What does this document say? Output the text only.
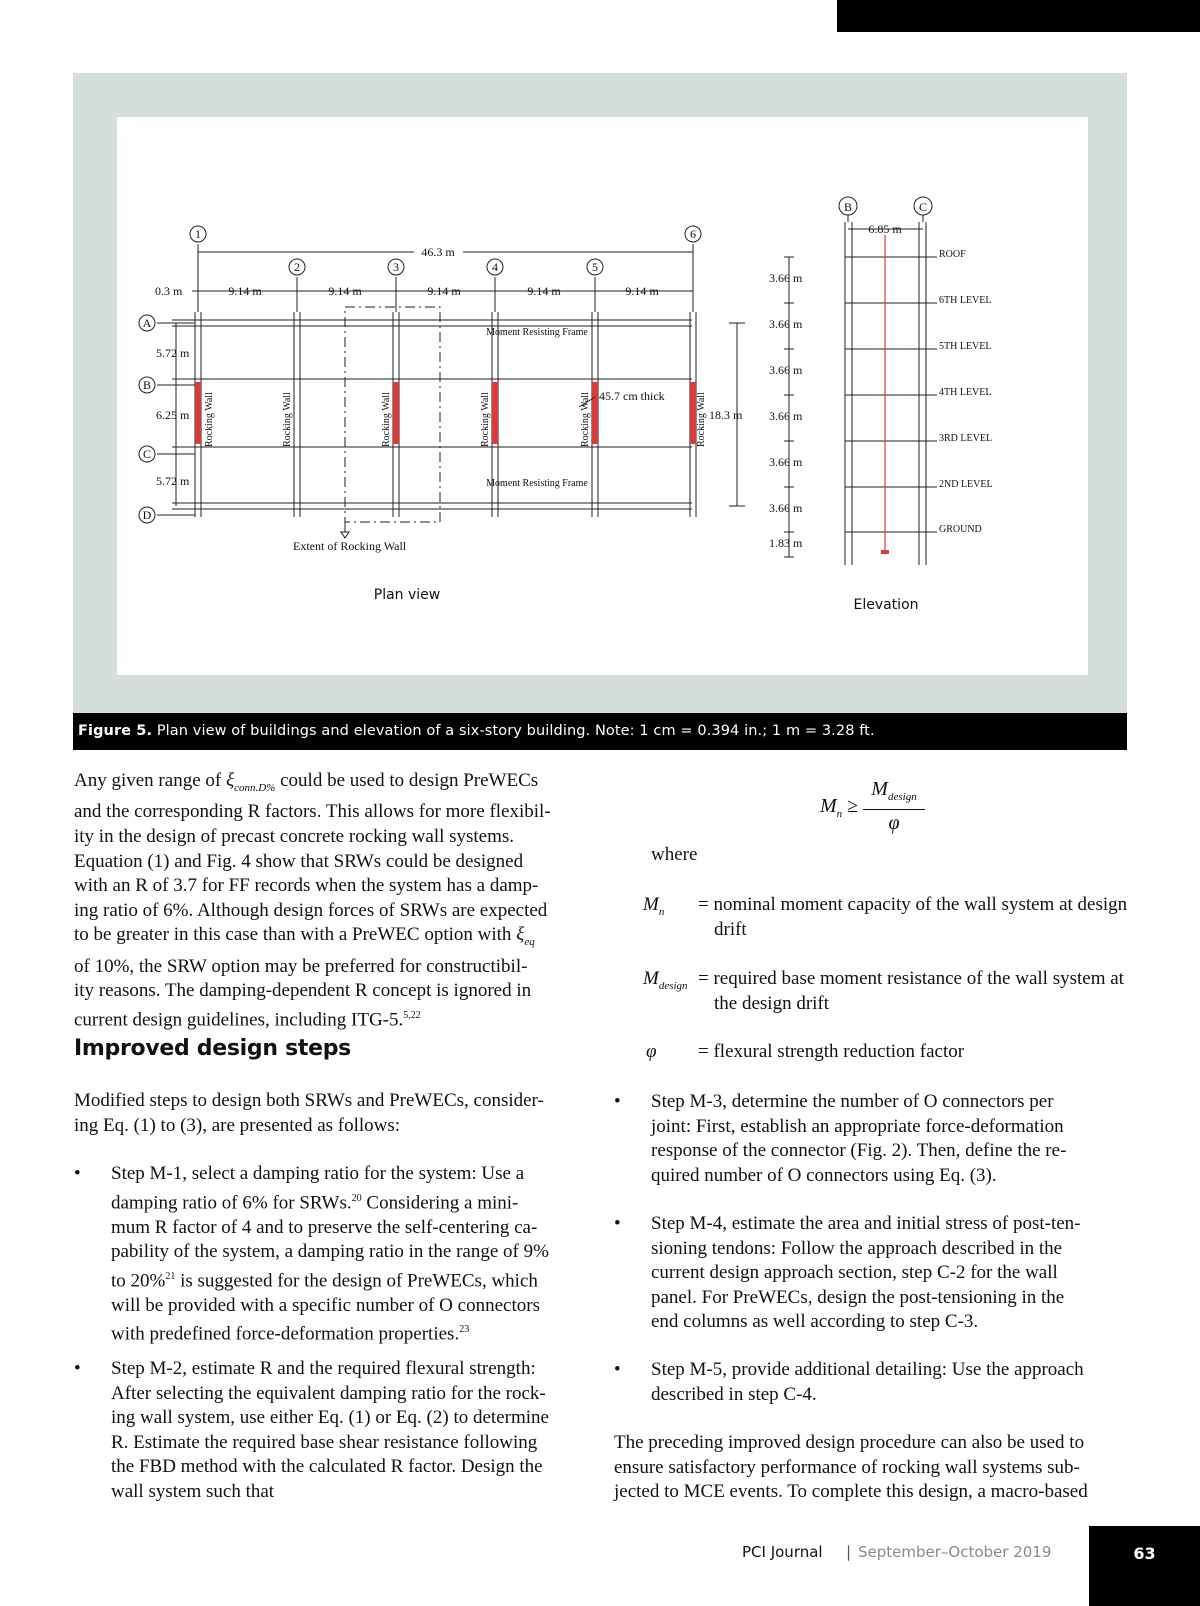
1
2	3	4	5
6
A
B
C
D
46.3 m
0.3 m	9.14 m	9.14 m	9.14 m	9.14 m	9.14 m
5.72 m
6.25 m
5.72 m
18.3 m
45.7 cm thick
Extent of Rocking Wall
Moment Resisting Frame
Moment Resisting Frame
Rocking Wall	Rocking Wall	Rocking Wall	Rocking Wall	Rocking Wall	Rocking Wall
Plan view
B	C
6.85 m
3.66 m
3.66 m
3.66 m
3.66 m
3.66 m
3.66 m
1.83 m
ROOF
6TH LEVEL
5TH LEVEL
4TH LEVEL
3RD LEVEL
2ND LEVEL
GROUND
Elevation
Figure 5. Plan view of buildings and elevation of a six-story building. Note: 1 cm = 0.394 in.; 1 m = 3.28 ft.

Any given range of $\xi_{conn.D\%}$ could be used to design PreWECs

and the corresponding R factors. This allows for more flexibil-

ity in the design of precast concrete rocking wall systems.

Equation (1) and Fig. 4 show that SRWs could be designed

with an R of 3.7 for FF records when the system has a damp-

ing ratio of 6%. Although design forces of SRWs are expected

to be greater in this case than with a PreWEC option with $\xi_{eq}$

of 10%, the SRW option may be preferred for constructibil-

ity reasons. The damping-dependent R concept is ignored in

current design guidelines, including ITG-5.$^{5,22}$

Improved design steps

Modified steps to design both SRWs and PreWECs, consider-

ing Eq. (1) to (3), are presented as follows:

• Step M-1, select a damping ratio for the system: Use a

damping ratio of 6% for SRWs.$^{20}$ Considering a mini-

mum R factor of 4 and to preserve the self-centering ca-

pability of the system, a damping ratio in the range of 9%

to 20%$^{21}$ is suggested for the design of PreWECs, which

will be provided with a specific number of O connectors

with predefined force-deformation properties.$^{23}$

• Step M-2, estimate R and the required flexural strength:

After selecting the equivalent damping ratio for the rock-

ing wall system, use either Eq. (1) or Eq. (2) to determine

R. Estimate the required base shear resistance following

the FBD method with the calculated R factor. Design the

wall system such that

$M_n$ ≥
$M_{design}$
φ

where

$M_n$ = nominal moment capacity of the wall system at design drift
$M_{design}$ = required base moment resistance of the wall system at the design drift
φ = flexural strength reduction factor
• Step M-3, determine the number of O connectors per

joint: First, establish an appropriate force-deformation

response of the connector (Fig. 2). Then, define the re-

quired number of O connectors using Eq. (3).

• Step M-4, estimate the area and initial stress of post-ten-

sioning tendons: Follow the approach described in the

current design approach section, step C-2 for the wall

panel. For PreWECs, design the post-tensioning in the

end columns as well according to step C-3.

• Step M-5, provide additional detailing: Use the approach

described in step C-4.

The preceding improved design procedure can also be used to

ensure satisfactory performance of rocking wall systems sub-

jected to MCE events. To complete this design, a macro-based

PCI Journal | September–October 2019	63
